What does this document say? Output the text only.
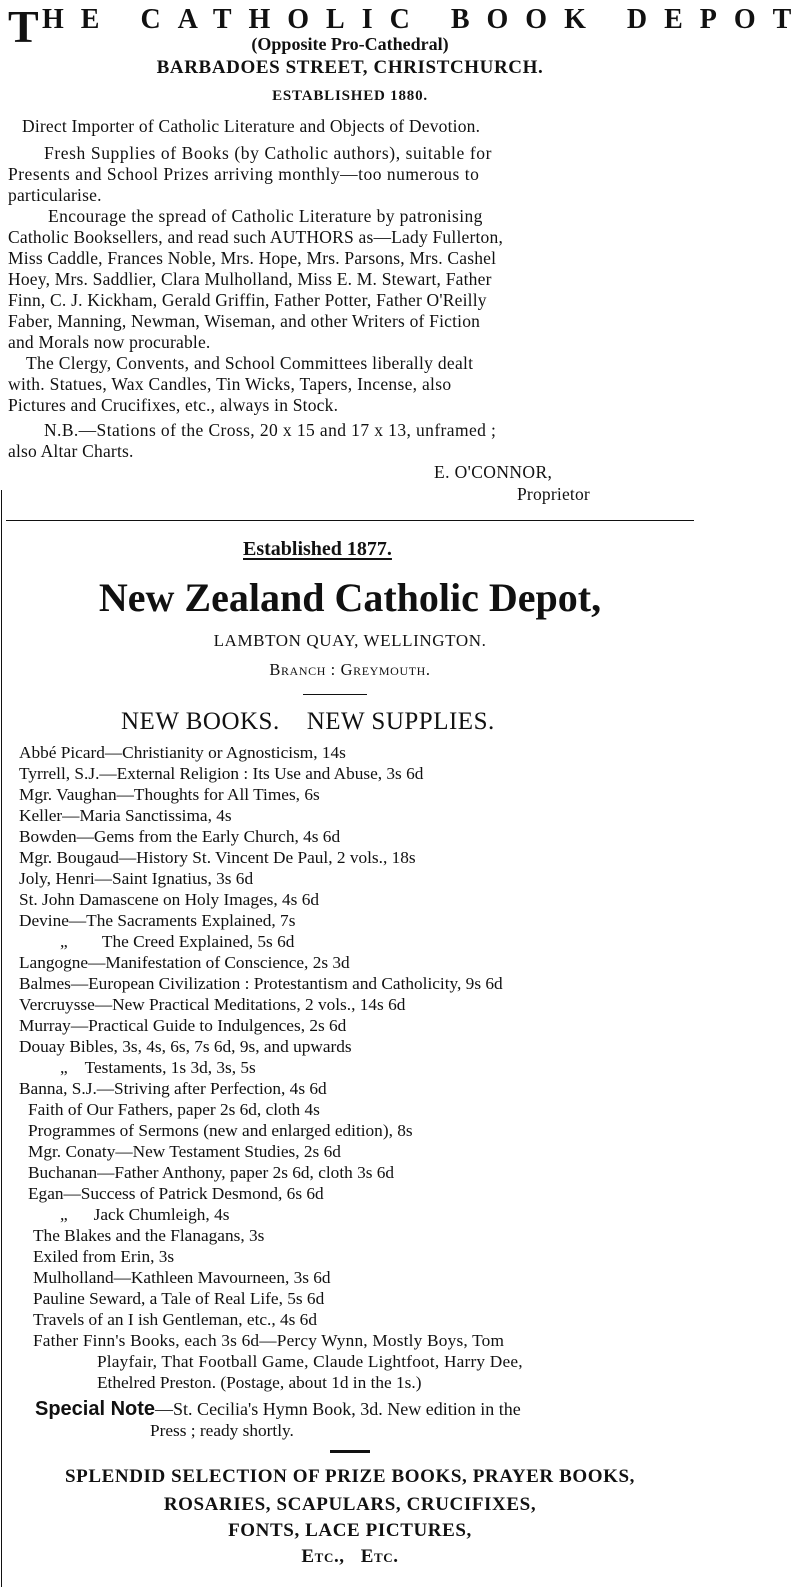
T HE CATHOLIC BOOK DEPOT
(Opposite Pro-Cathedral)
BARBADOES STREET, CHRISTCHURCH.
ESTABLISHED 1880.
Direct Importer of Catholic Literature and Objects of Devotion.
Fresh Supplies of Books (by Catholic authors), suitable for
Presents and School Prizes arriving monthly—too numerous to
particularise.
Encourage the spread of Catholic Literature by patronising
Catholic Booksellers, and read such AUTHORS as—Lady Fullerton,
Miss Caddle, Frances Noble, Mrs. Hope, Mrs. Parsons, Mrs. Cashel
Hoey, Mrs. Saddlier, Clara Mulholland, Miss E. M. Stewart, Father
Finn, C. J. Kickham, Gerald Griffin, Father Potter, Father O'Reilly
Faber, Manning, Newman, Wiseman, and other Writers of Fiction
and Morals now procurable.
The Clergy, Convents, and School Committees liberally dealt
with. Statues, Wax Candles, Tin Wicks, Tapers, Incense, also
Pictures and Crucifixes, etc., always in Stock.
N.B.—Stations of the Cross, 20 x 15 and 17 x 13, unframed ;
also Altar Charts.
E. O'CONNOR,
Proprietor
Established 1877.
New Zealand Catholic Depot,
LAMBTON QUAY, WELLINGTON.
Branch : Greymouth.
NEW BOOKS.    NEW SUPPLIES.
Abbé Picard—Christianity or Agnosticism, 14s
Tyrrell, S.J.—External Religion : Its Use and Abuse, 3s 6d
Mgr. Vaughan—Thoughts for All Times, 6s
Keller—Maria Sanctissima, 4s
Bowden—Gems from the Early Church, 4s 6d
Mgr. Bougaud—History St. Vincent De Paul, 2 vols., 18s
Joly, Henri—Saint Ignatius, 3s 6d
St. John Damascene on Holy Images, 4s 6d
Devine—The Sacraments Explained, 7s
„        The Creed Explained, 5s 6d
Langogne—Manifestation of Conscience, 2s 3d
Balmes—European Civilization : Protestantism and Catholicity, 9s 6d
Vercruysse—New Practical Meditations, 2 vols., 14s 6d
Murray—Practical Guide to Indulgences, 2s 6d
Douay Bibles, 3s, 4s, 6s, 7s 6d, 9s, and upwards
„    Testaments, 1s 3d, 3s, 5s
Banna, S.J.—Striving after Perfection, 4s 6d
Faith of Our Fathers, paper 2s 6d, cloth 4s
Programmes of Sermons (new and enlarged edition), 8s
Mgr. Conaty—New Testament Studies, 2s 6d
Buchanan—Father Anthony, paper 2s 6d, cloth 3s 6d
Egan—Success of Patrick Desmond, 6s 6d
„      Jack Chumleigh, 4s
The Blakes and the Flanagans, 3s
Exiled from Erin, 3s
Mulholland—Kathleen Mavourneen, 3s 6d
Pauline Seward, a Tale of Real Life, 5s 6d
Travels of an I ish Gentleman, etc., 4s 6d
Father Finn's Books, each 3s 6d—Percy Wynn, Mostly Boys, Tom
Playfair, That Football Game, Claude Lightfoot, Harry Dee,
Ethelred Preston. (Postage, about 1d in the 1s.)
Special Note—St. Cecilia's Hymn Book, 3d. New edition in the
Press ; ready shortly.
SPLENDID SELECTION OF PRIZE BOOKS, PRAYER BOOKS,
ROSARIES, SCAPULARS, CRUCIFIXES,
FONTS, LACE PICTURES,
Etc.,   Etc.
